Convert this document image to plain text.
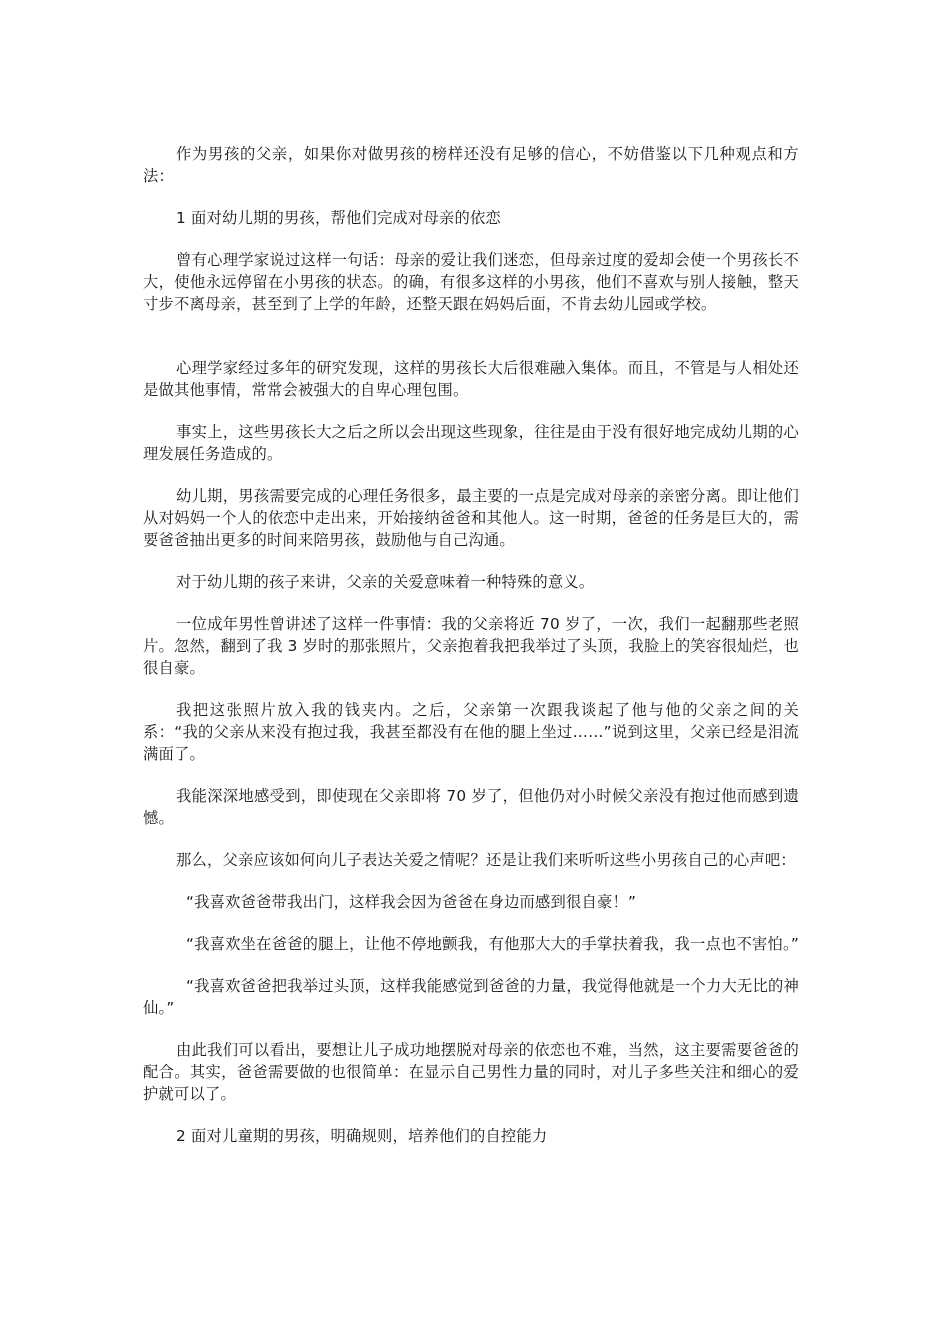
作为男孩的父亲，如果你对做男孩的榜样还没有足够的信心，不妨借鉴以下几种观点和方法：

1 面对幼儿期的男孩，帮他们完成对母亲的依恋

曾有心理学家说过这样一句话：母亲的爱让我们迷恋，但母亲过度的爱却会使一个男孩长不大，使他永远停留在小男孩的状态。的确，有很多这样的小男孩，他们不喜欢与别人接触，整天寸步不离母亲，甚至到了上学的年龄，还整天跟在妈妈后面，不肯去幼儿园或学校。

心理学家经过多年的研究发现，这样的男孩长大后很难融入集体。而且，不管是与人相处还是做其他事情，常常会被强大的自卑心理包围。

事实上，这些男孩长大之后之所以会出现这些现象，往往是由于没有很好地完成幼儿期的心理发展任务造成的。

幼儿期，男孩需要完成的心理任务很多，最主要的一点是完成对母亲的亲密分离。即让他们从对妈妈一个人的依恋中走出来，开始接纳爸爸和其他人。这一时期，爸爸的任务是巨大的，需要爸爸抽出更多的时间来陪男孩，鼓励他与自己沟通。

对于幼儿期的孩子来讲，父亲的关爱意味着一种特殊的意义。

一位成年男性曾讲述了这样一件事情：我的父亲将近 70 岁了，一次，我们一起翻那些老照片。忽然，翻到了我 3 岁时的那张照片，父亲抱着我把我举过了头顶，我脸上的笑容很灿烂，也很自豪。

我把这张照片放入我的钱夹内。之后，父亲第一次跟我谈起了他与他的父亲之间的关系：“我的父亲从来没有抱过我，我甚至都没有在他的腿上坐过……”说到这里，父亲已经是泪流满面了。

我能深深地感受到，即使现在父亲即将 70 岁了，但他仍对小时候父亲没有抱过他而感到遗憾。

那么，父亲应该如何向儿子表达关爱之情呢？还是让我们来听听这些小男孩自己的心声吧：

“我喜欢爸爸带我出门，这样我会因为爸爸在身边而感到很自豪！”

“我喜欢坐在爸爸的腿上，让他不停地颤我，有他那大大的手掌扶着我，我一点也不害怕。”

“我喜欢爸爸把我举过头顶，这样我能感觉到爸爸的力量，我觉得他就是一个力大无比的神仙。”

由此我们可以看出，要想让儿子成功地摆脱对母亲的依恋也不难，当然，这主要需要爸爸的配合。其实，爸爸需要做的也很简单：在显示自己男性力量的同时，对儿子多些关注和细心的爱护就可以了。

2 面对儿童期的男孩，明确规则，培养他们的自控能力
